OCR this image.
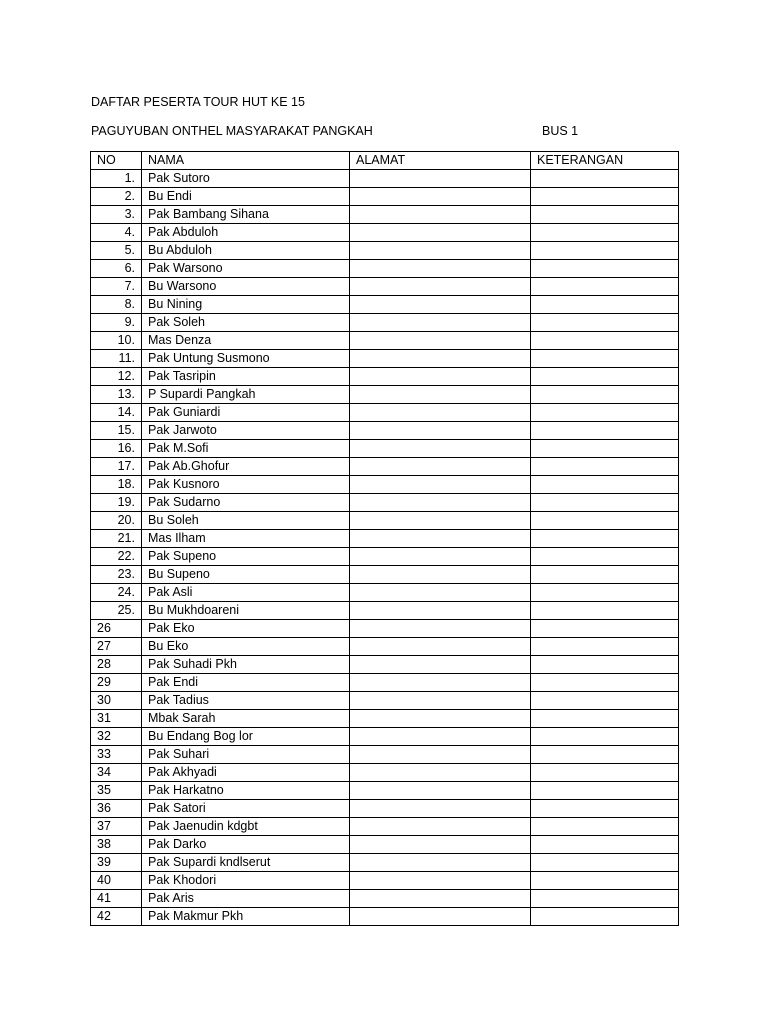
DAFTAR PESERTA TOUR HUT KE 15
PAGUYUBAN ONTHEL MASYARAKAT PANGKAH	BUS 1
NO	NAMA	ALAMAT	KETERANGAN
1.	Pak Sutoro		
2.	Bu Endi		
3.	Pak Bambang Sihana		
4.	Pak Abduloh		
5.	Bu Abduloh		
6.	Pak Warsono		
7.	Bu Warsono		
8.	Bu Nining		
9.	Pak Soleh		
10.	Mas Denza		
11.	Pak Untung Susmono		
12.	Pak Tasripin		
13.	P Supardi Pangkah		
14.	Pak Guniardi		
15.	Pak Jarwoto		
16.	Pak M.Sofi		
17.	Pak Ab.Ghofur		
18.	Pak Kusnoro		
19.	Pak Sudarno		
20.	Bu Soleh		
21.	Mas Ilham		
22.	Pak Supeno		
23.	Bu Supeno		
24.	Pak Asli		
25.	Bu Mukhdoareni		
26	Pak Eko		
27	Bu Eko		
28	Pak Suhadi Pkh		
29	Pak Endi		
30	Pak Tadius		
31	Mbak Sarah		
32	Bu Endang Bog lor		
33	Pak Suhari		
34	Pak Akhyadi		
35	Pak Harkatno		
36	Pak Satori		
37	Pak Jaenudin kdgbt		
38	Pak Darko		
39	Pak Supardi kndlserut		
40	Pak Khodori		
41	Pak Aris		
42	Pak Makmur Pkh		
